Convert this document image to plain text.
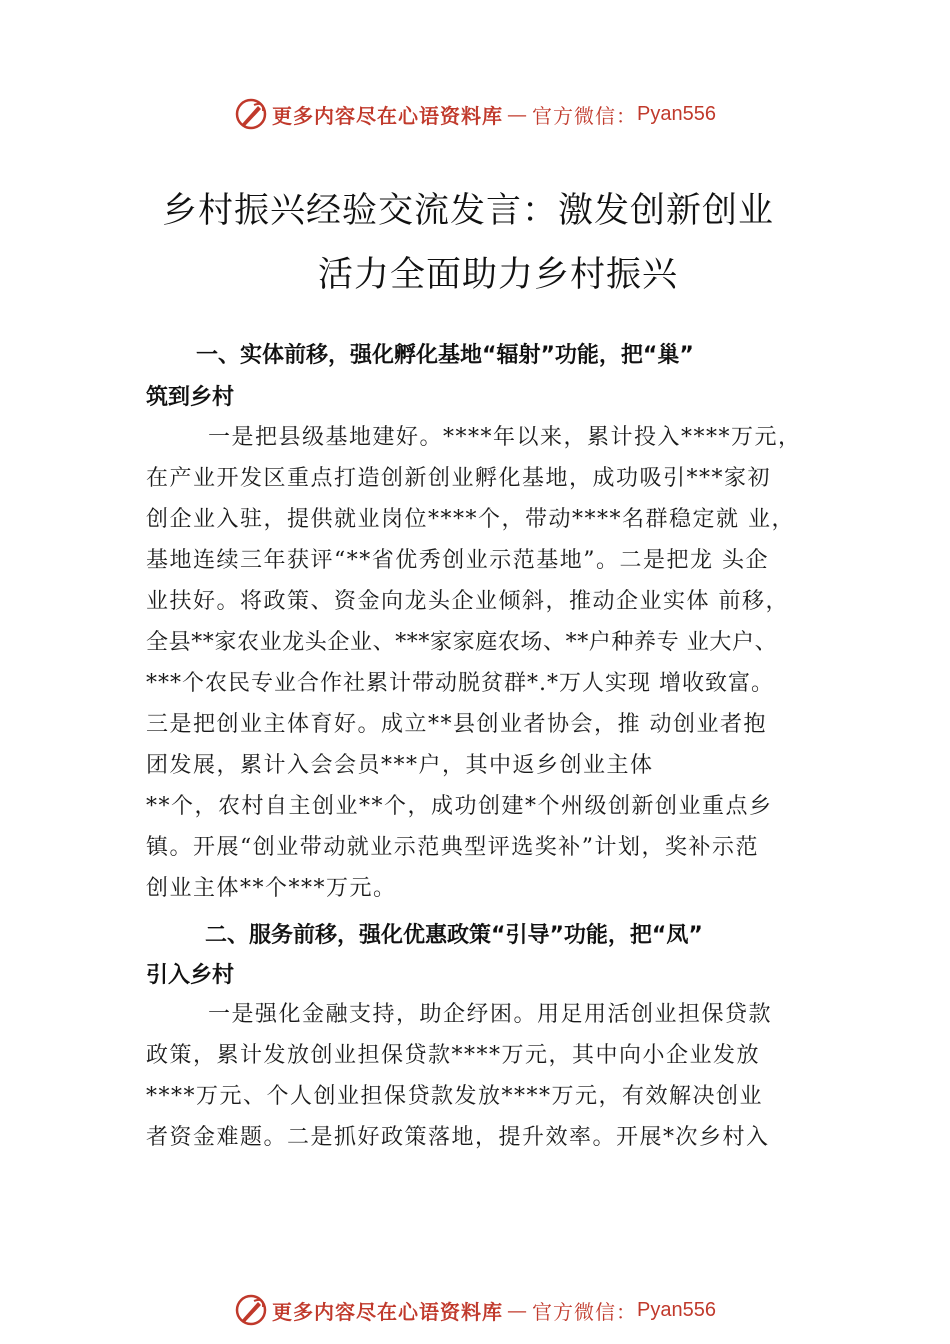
更多内容尽在心语资料库 — 官方微信： Pyan556
乡村振兴经验交流发言：激发创新创业
活力全面助力乡村振兴
一、实体前移，强化孵化基地“辐射”功能，把“巢”
筑到乡村
一是把县级基地建好。****年以来，累计投入****万元，
在产业开发区重点打造创新创业孵化基地，成功吸引***家初
创企业入驻，提供就业岗位****个，带动****名群稳定就 业，
基地连续三年获评“**省优秀创业示范基地”。二是把龙 头企
业扶好。将政策、资金向龙头企业倾斜，推动企业实体 前移，
全县**家农业龙头企业、***家家庭农场、**户种养专 业大户、
***个农民专业合作社累计带动脱贫群*.*万人实现 增收致富。
三是把创业主体育好。成立**县创业者协会，推 动创业者抱
团发展，累计入会会员***户，其中返乡创业主体
**个，农村自主创业**个，成功创建*个州级创新创业重点乡
镇。开展“创业带动就业示范典型评选奖补”计划，奖补示范
创业主体**个***万元。
二、服务前移，强化优惠政策“引导”功能，把“凤”
引入乡村
一是强化金融支持，助企纾困。用足用活创业担保贷款
政策，累计发放创业担保贷款****万元，其中向小企业发放
****万元、个人创业担保贷款发放****万元，有效解决创业
者资金难题。二是抓好政策落地，提升效率。开展*次乡村入
更多内容尽在心语资料库 — 官方微信： Pyan556
